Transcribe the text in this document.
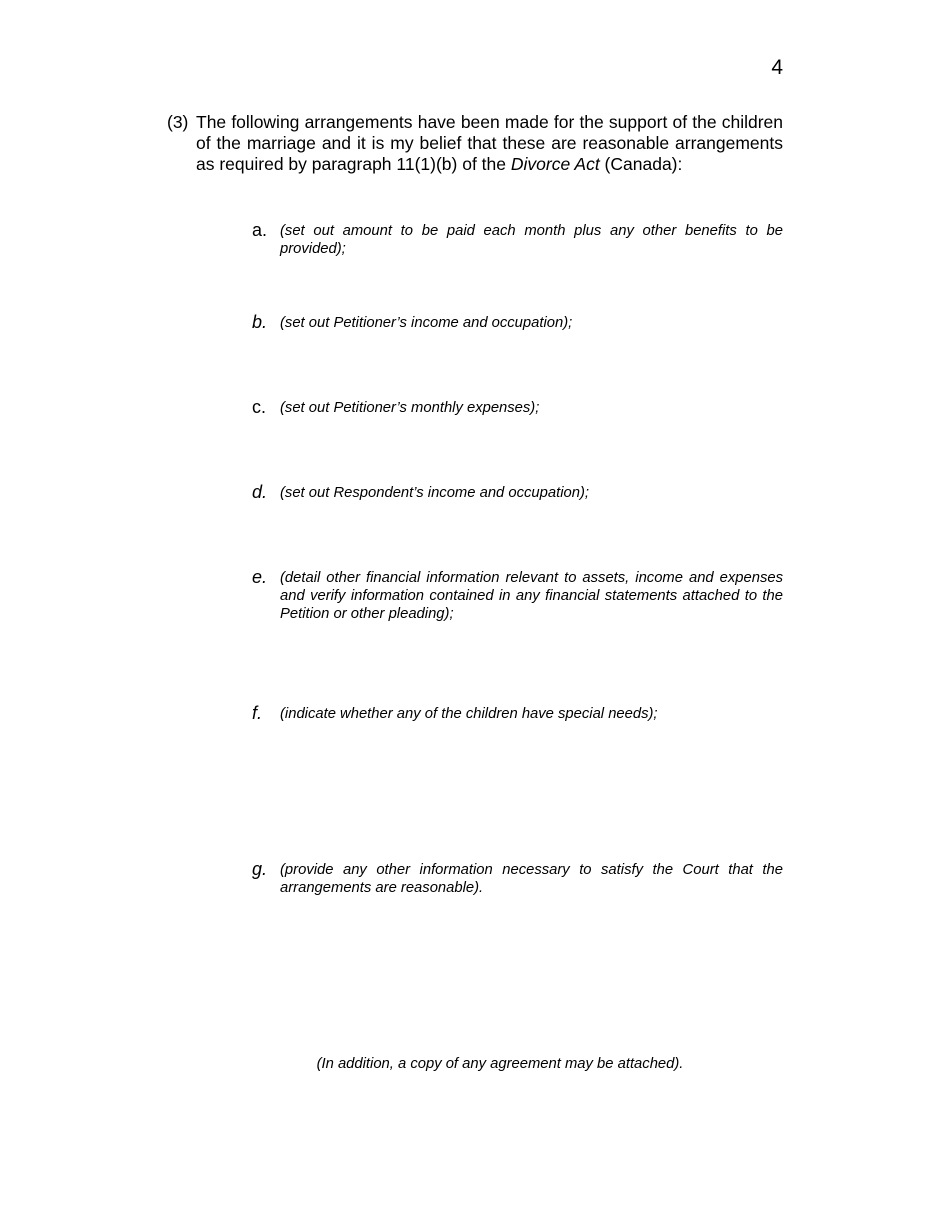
4
(3) The following arrangements have been made for the support of the children of the marriage and it is my belief that these are reasonable arrangements as required by paragraph 11(1)(b) of the Divorce Act (Canada):
a. (set out amount to be paid each month plus any other benefits to be provided);
b. (set out Petitioner’s income and occupation);
c. (set out Petitioner’s monthly expenses);
d. (set out Respondent’s income and occupation);
e. (detail other financial information relevant to assets, income and expenses and verify information contained in any financial statements attached to the Petition or other pleading);
f. (indicate whether any of the children have special needs);
g. (provide any other information necessary to satisfy the Court that the arrangements are reasonable).
(In addition, a copy of any agreement may be attached).
